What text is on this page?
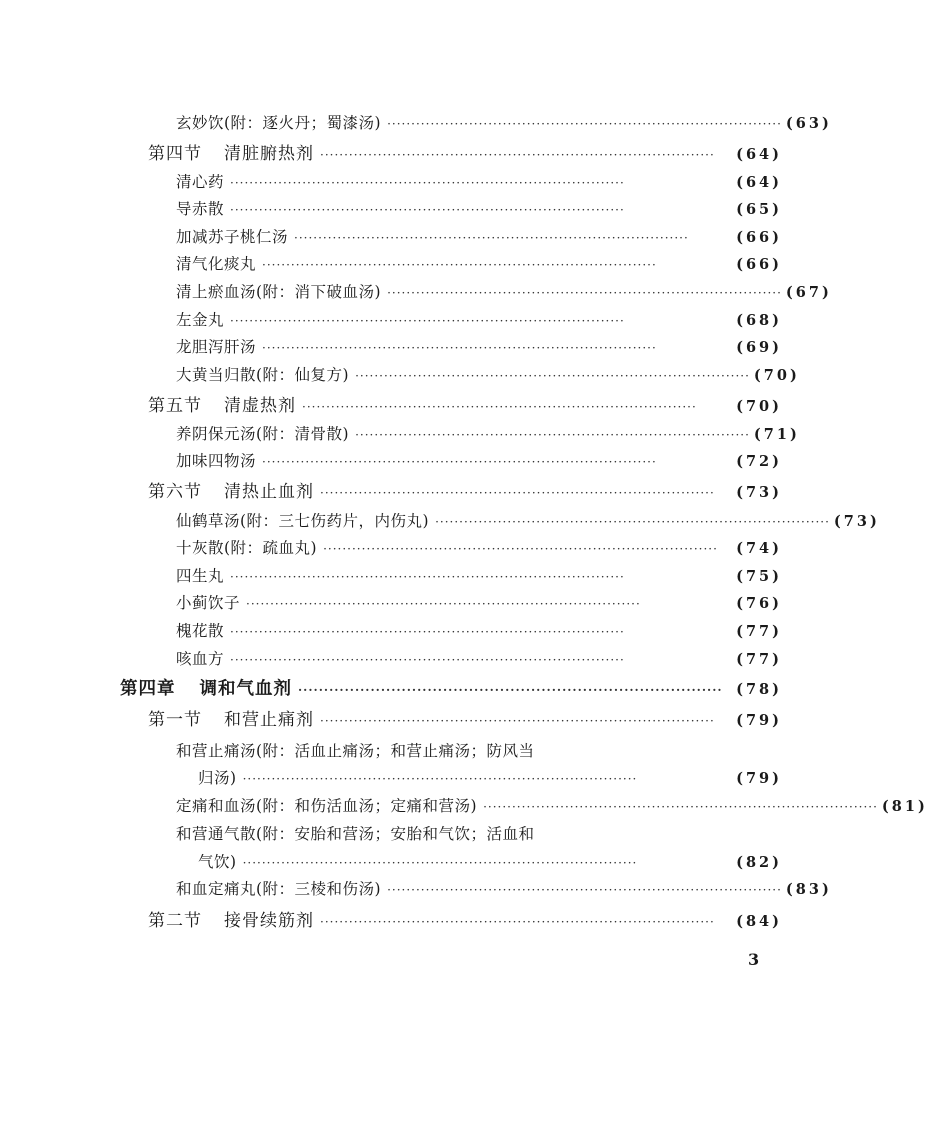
玄妙饮(附：逐火丹；蜀漆汤) ·················································································· (63)
第四节 清脏腑热剂 ··················································································	(64)
清心药 ··················································································	(64)
导赤散 ··················································································	(65)
加减苏子桃仁汤 ··················································································	(66)
清气化痰丸 ··················································································	(66)
清上瘀血汤(附：消下破血汤) ·················································································· (67)
左金丸 ··················································································	(68)
龙胆泻肝汤 ··················································································	(69)
大黄当归散(附：仙复方) ·················································································· (70)
第五节 清虚热剂 ··················································································	(70)
养阴保元汤(附：清骨散) ·················································································· (71)
加味四物汤 ··················································································	(72)
第六节 清热止血剂 ··················································································	(73)
仙鹤草汤(附：三七伤药片，内伤丸) ·················································································· (73)
十灰散(附：疏血丸) ··················································································	(74)
四生丸 ··················································································	(75)
小蓟饮子 ··················································································	(76)
槐花散 ··················································································	(77)
咳血方 ··················································································	(77)
第四章 调和气血剂 ·················································································· (78)
第一节 和营止痛剂 ··················································································	(79)
和营止痛汤(附：活血止痛汤；和营止痛汤；防风当
归汤) ··················································································	(79)
定痛和血汤(附：和伤活血汤；定痛和营汤) ·················································································· (81)
和营通气散(附：安胎和营汤；安胎和气饮；活血和
气饮) ··················································································	(82)
和血定痛丸(附：三棱和伤汤) ·················································································· (83)
第二节 接骨续筋剂 ··················································································	(84)
3
